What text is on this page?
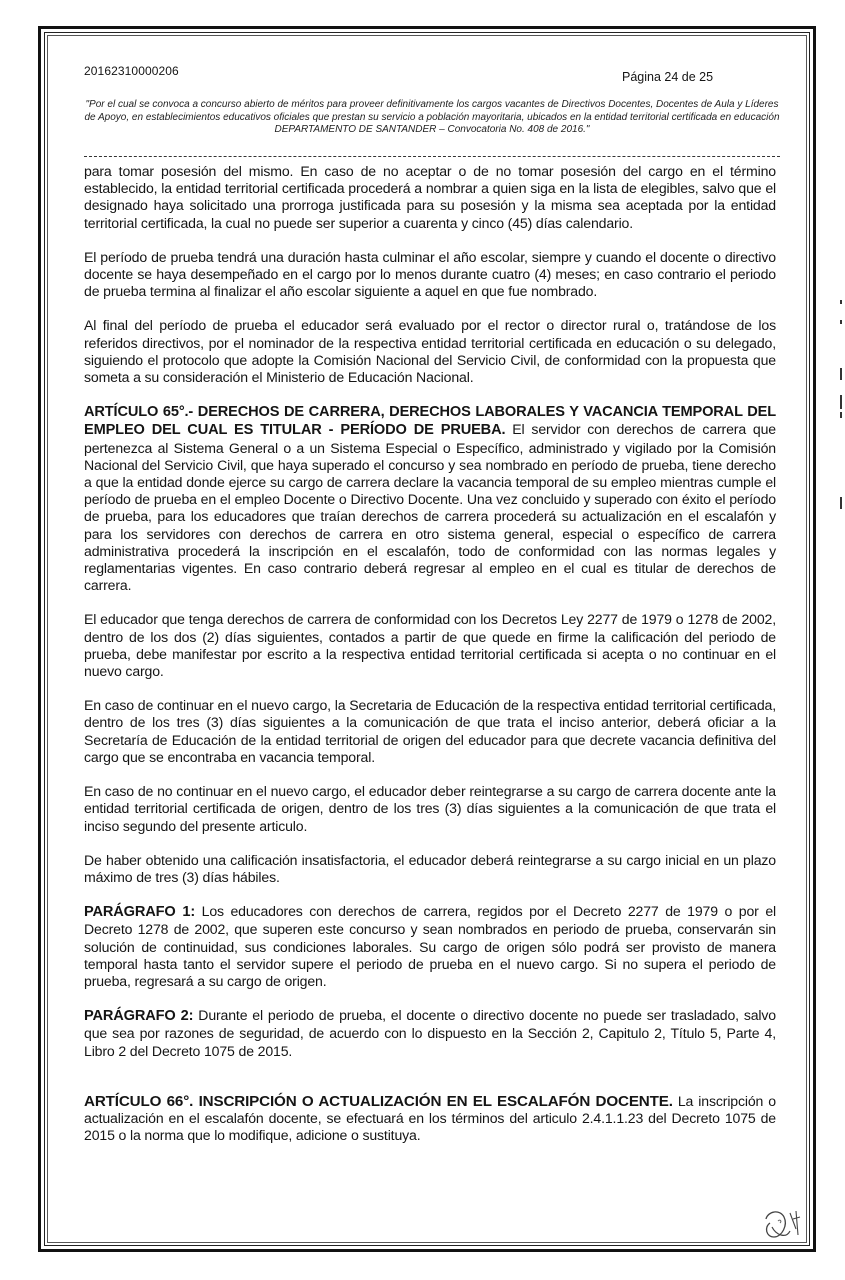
20162310000206	Página 24 de 25
"Por el cual se convoca a concurso abierto de méritos para proveer definitivamente los cargos vacantes de Directivos Docentes, Docentes de Aula y Líderes de Apoyo, en establecimientos educativos oficiales que prestan su servicio a población mayoritaria, ubicados en la entidad territorial certificada en educación DEPARTAMENTO DE SANTANDER – Convocatoria No. 408 de 2016."

para tomar posesión del mismo. En caso de no aceptar o de no tomar posesión del cargo en el término establecido, la entidad territorial certificada procederá a nombrar a quien siga en la lista de elegibles, salvo que el designado haya solicitado una prorroga justificada para su posesión y la misma sea aceptada por la entidad territorial certificada, la cual no puede ser superior a cuarenta y cinco (45) días calendario.

El período de prueba tendrá una duración hasta culminar el año escolar, siempre y cuando el docente o directivo docente se haya desempeñado en el cargo por lo menos durante cuatro (4) meses; en caso contrario el periodo de prueba termina al finalizar el año escolar siguiente a aquel en que fue nombrado.

Al final del período de prueba el educador será evaluado por el rector o director rural o, tratándose de los referidos directivos, por el nominador de la respectiva entidad territorial certificada en educación o su delegado, siguiendo el protocolo que adopte la Comisión Nacional del Servicio Civil, de conformidad con la propuesta que someta a su consideración el Ministerio de Educación Nacional.

ARTÍCULO 65°.- DERECHOS DE CARRERA, DERECHOS LABORALES Y VACANCIA TEMPORAL DEL EMPLEO DEL CUAL ES TITULAR - PERÍODO DE PRUEBA. El servidor con derechos de carrera que pertenezca al Sistema General o a un Sistema Especial o Específico, administrado y vigilado por la Comisión Nacional del Servicio Civil, que haya superado el concurso y sea nombrado en período de prueba, tiene derecho a que la entidad donde ejerce su cargo de carrera declare la vacancia temporal de su empleo mientras cumple el período de prueba en el empleo Docente o Directivo Docente. Una vez concluido y superado con éxito el período de prueba, para los educadores que traían derechos de carrera procederá su actualización en el escalafón y para los servidores con derechos de carrera en otro sistema general, especial o específico de carrera administrativa procederá la inscripción en el escalafón, todo de conformidad con las normas legales y reglamentarias vigentes. En caso contrario deberá regresar al empleo en el cual es titular de derechos de carrera.

El educador que tenga derechos de carrera de conformidad con los Decretos Ley 2277 de 1979 o 1278 de 2002, dentro de los dos (2) días siguientes, contados a partir de que quede en firme la calificación del periodo de prueba, debe manifestar por escrito a la respectiva entidad territorial certificada si acepta o no continuar en el nuevo cargo.

En caso de continuar en el nuevo cargo, la Secretaria de Educación de la respectiva entidad territorial certificada, dentro de los tres (3) días siguientes a la comunicación de que trata el inciso anterior, deberá oficiar a la Secretaría de Educación de la entidad territorial de origen del educador para que decrete vacancia definitiva del cargo que se encontraba en vacancia temporal.

En caso de no continuar en el nuevo cargo, el educador deber reintegrarse a su cargo de carrera docente ante la entidad territorial certificada de origen, dentro de los tres (3) días siguientes a la comunicación de que trata el inciso segundo del presente articulo.

De haber obtenido una calificación insatisfactoria, el educador deberá reintegrarse a su cargo inicial en un plazo máximo de tres (3) días hábiles.

PARÁGRAFO 1: Los educadores con derechos de carrera, regidos por el Decreto 2277 de 1979 o por el Decreto 1278 de 2002, que superen este concurso y sean nombrados en periodo de prueba, conservarán sin solución de continuidad, sus condiciones laborales. Su cargo de origen sólo podrá ser provisto de manera temporal hasta tanto el servidor supere el periodo de prueba en el nuevo cargo. Si no supera el periodo de prueba, regresará a su cargo de origen.

PARÁGRAFO 2: Durante el periodo de prueba, el docente o directivo docente no puede ser trasladado, salvo que sea por razones de seguridad, de acuerdo con lo dispuesto en la Sección 2, Capitulo 2, Título 5, Parte 4, Libro 2 del Decreto 1075 de 2015.

ARTÍCULO 66°. INSCRIPCIÓN O ACTUALIZACIÓN EN EL ESCALAFÓN DOCENTE. La inscripción o actualización en el escalafón docente, se efectuará en los términos del articulo 2.4.1.1.23 del Decreto 1075 de 2015 o la norma que lo modifique, adicione o sustituya.
